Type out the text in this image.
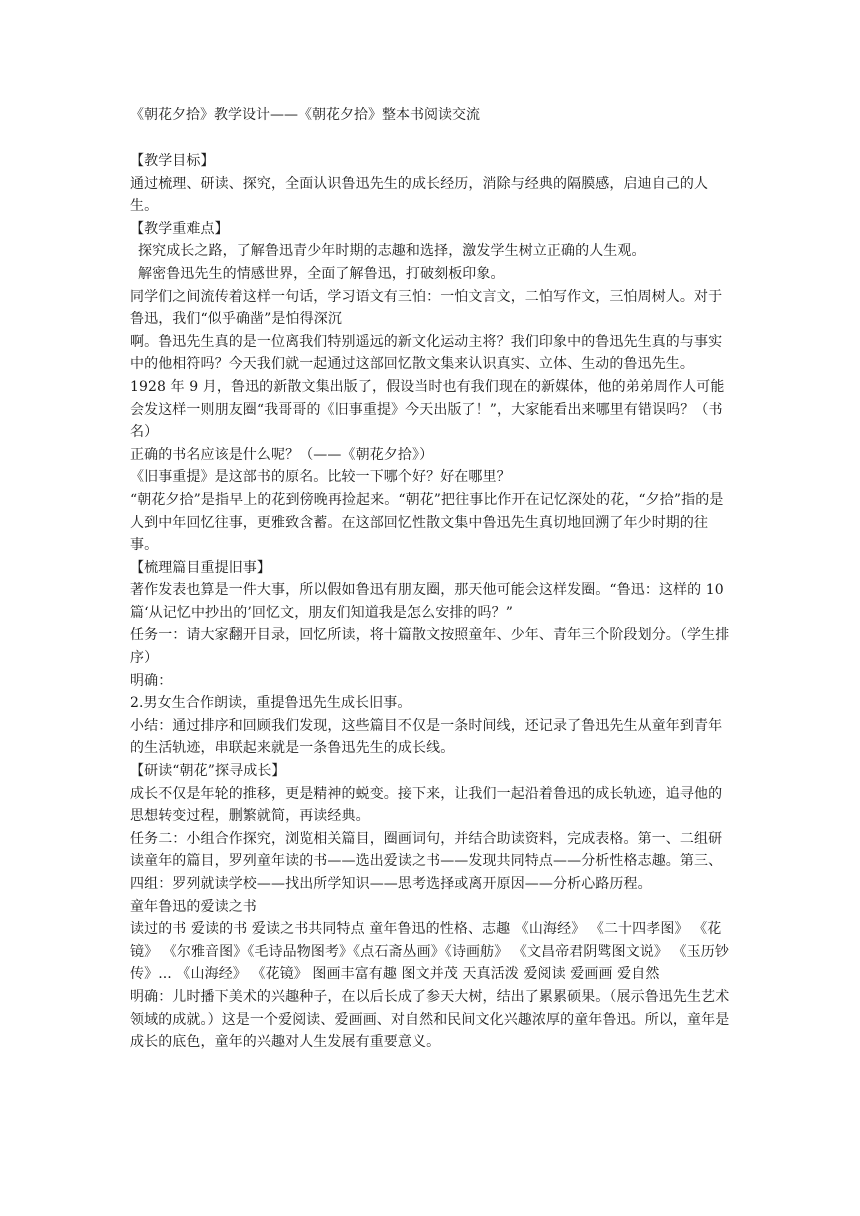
《朝花夕拾》教学设计——《朝花夕拾》整本书阅读交流

【教学目标】

通过梳理、研读、探究，全面认识鲁迅先生的成长经历，消除与经典的隔膜感，启迪自己的人生。

【教学重难点】

探究成长之路，了解鲁迅青少年时期的志趣和选择，激发学生树立正确的人生观。

解密鲁迅先生的情感世界，全面了解鲁迅，打破刻板印象。

同学们之间流传着这样一句话，学习语文有三怕：一怕文言文，二怕写作文，三怕周树人。对于鲁迅，我们“似乎确凿”是怕得深沉

啊。鲁迅先生真的是一位离我们特别遥远的新文化运动主将？我们印象中的鲁迅先生真的与事实中的他相符吗？今天我们就一起通过这部回忆散文集来认识真实、立体、生动的鲁迅先生。

1928 年 9 月，鲁迅的新散文集出版了，假设当时也有我们现在的新媒体，他的弟弟周作人可能会发这样一则朋友圈“我哥哥的《旧事重提》今天出版了！”，大家能看出来哪里有错误吗？（书名）

正确的书名应该是什么呢？（——《朝花夕拾》）

《旧事重提》是这部书的原名。比较一下哪个好？好在哪里？

“朝花夕拾”是指早上的花到傍晚再捡起来。“朝花”把往事比作开在记忆深处的花，“夕拾”指的是人到中年回忆往事，更雅致含蓄。在这部回忆性散文集中鲁迅先生真切地回溯了年少时期的往事。

【梳理篇目重提旧事】

著作发表也算是一件大事，所以假如鲁迅有朋友圈，那天他可能会这样发圈。“鲁迅：这样的 10 篇‘从记忆中抄出的’回忆文，朋友们知道我是怎么安排的吗？”

任务一：请大家翻开目录，回忆所读，将十篇散文按照童年、少年、青年三个阶段划分。（学生排序）

明确：

2.男女生合作朗读，重提鲁迅先生成长旧事。

小结：通过排序和回顾我们发现，这些篇目不仅是一条时间线，还记录了鲁迅先生从童年到青年的生活轨迹，串联起来就是一条鲁迅先生的成长线。

【研读“朝花”探寻成长】

成长不仅是年轮的推移，更是精神的蜕变。接下来，让我们一起沿着鲁迅的成长轨迹，追寻他的思想转变过程，删繁就简，再读经典。

任务二：小组合作探究，浏览相关篇目，圈画词句，并结合助读资料，完成表格。第一、二组研读童年的篇目，罗列童年读的书——选出爱读之书——发现共同特点——分析性格志趣。第三、四组：罗列就读学校——找出所学知识——思考选择或离开原因——分析心路历程。

童年鲁迅的爱读之书

读过的书 爱读的书 爱读之书共同特点 童年鲁迅的性格、志趣 《山海经》 《二十四孝图》 《花镜》 《尔雅音图》《毛诗品物图考》《点石斋丛画》《诗画舫》 《文昌帝君阴骘图文说》 《玉历钞传》... 《山海经》 《花镜》 图画丰富有趣 图文并茂 天真活泼 爱阅读 爱画画 爱自然

明确：儿时播下美术的兴趣种子，在以后长成了参天大树，结出了累累硕果。（展示鲁迅先生艺术领域的成就。）这是一个爱阅读、爱画画、对自然和民间文化兴趣浓厚的童年鲁迅。所以，童年是成长的底色，童年的兴趣对人生发展有重要意义。
